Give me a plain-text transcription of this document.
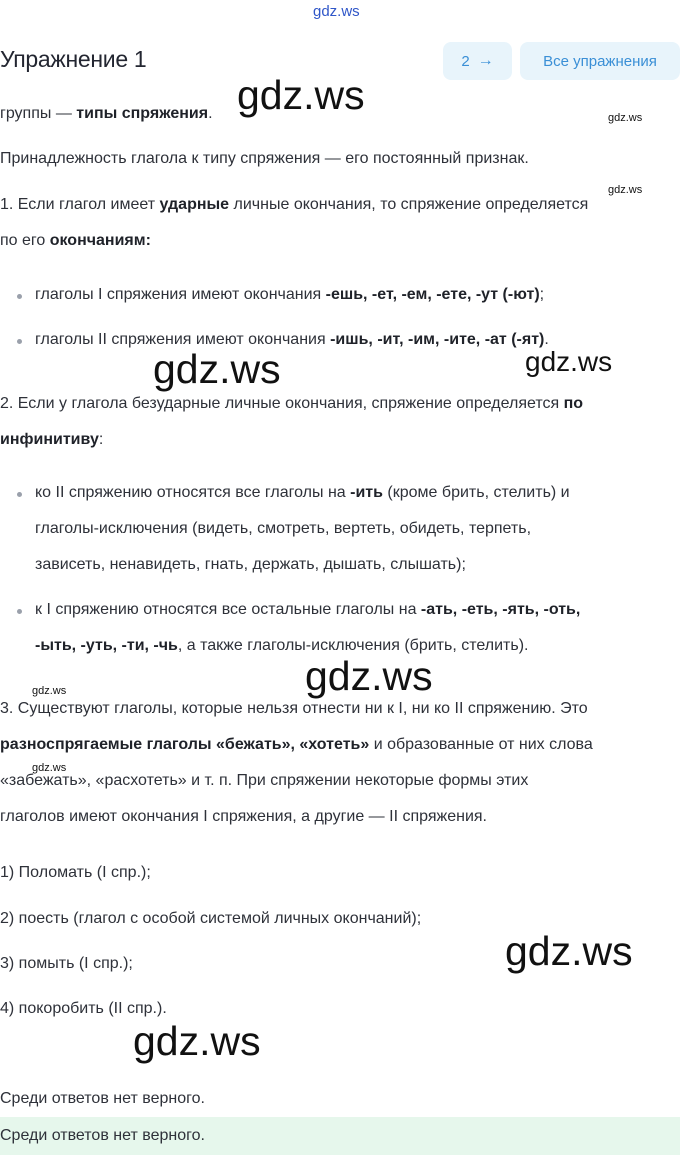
gdz.ws
gdz.ws	gdz.ws
gdz.ws
gdz.ws	gdz.ws
gdz.ws
gdz.ws
gdz.ws
gdz.ws
gdz.ws
Упражнение 1	2 →	Все упражнения
группы — типы спряжения.
Принадлежность глагола к типу спряжения — его постоянный признак.
1. Если глагол имеет ударные личные окончания, то спряжение определяется
по его окончаниям:
глаголы I спряжения имеют окончания -ешь, -ет, -ем, -ете, -ут (-ют);
глаголы II спряжения имеют окончания -ишь, -ит, -им, -ите, -ат (-ят).
2. Если у глагола безударные личные окончания, спряжение определяется по
инфинитиву:
ко II спряжению относятся все глаголы на -ить (кроме брить, стелить) и
глаголы-исключения (видеть, смотреть, вертеть, обидеть, терпеть,
зависеть, ненавидеть, гнать, держать, дышать, слышать);
к I спряжению относятся все остальные глаголы на -ать, -еть, -ять, -оть,
-ыть, -уть, -ти, -чь, а также глаголы-исключения (брить, стелить).
3. Существуют глаголы, которые нельзя отнести ни к I, ни ко II спряжению. Это
разноспрягаемые глаголы «бежать», «хотеть» и образованные от них слова
«забежать», «расхотеть» и т. п. При спряжении некоторые формы этих
глаголов имеют окончания I спряжения, а другие — II спряжения.
1) Поломать (I спр.);
2) поесть (глагол с особой системой личных окончаний);
3) помыть (I спр.);
4) покоробить (II спр.).
Среди ответов нет верного.
Среди ответов нет верного.
